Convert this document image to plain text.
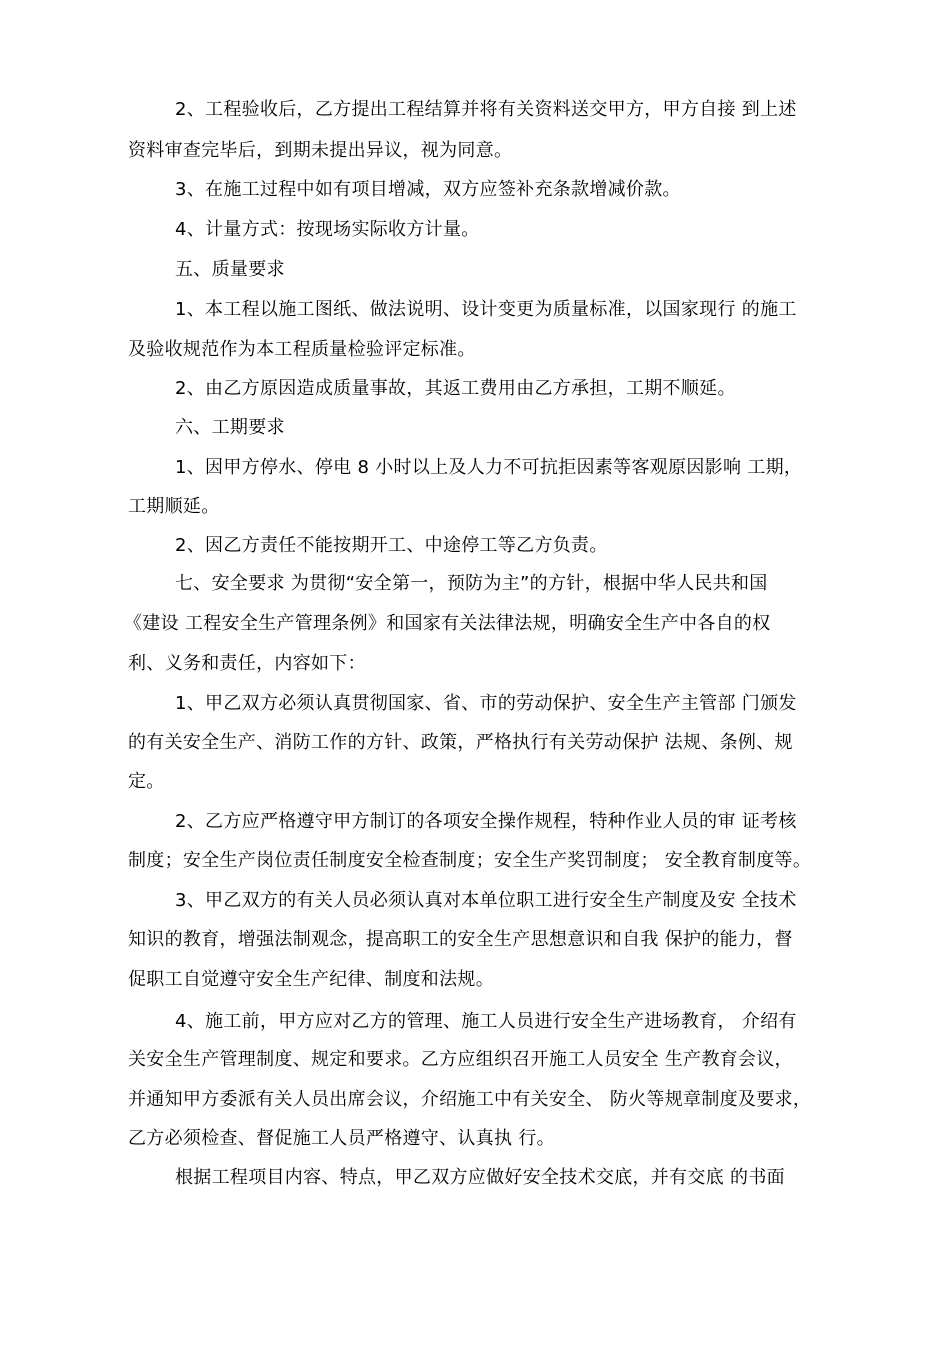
2、工程验收后，乙方提出工程结算并将有关资料送交甲方，甲方自接 到上述
资料审查完毕后，到期未提出异议，视为同意。
3、在施工过程中如有项目增减，双方应签补充条款增减价款。
4、计量方式：按现场实际收方计量。
五、质量要求
1、本工程以施工图纸、做法说明、设计变更为质量标准，以国家现行 的施工
及验收规范作为本工程质量检验评定标准。
2、由乙方原因造成质量事故，其返工费用由乙方承担，工期不顺延。
六、工期要求
1、因甲方停水、停电 8 小时以上及人力不可抗拒因素等客观原因影响 工期，
工期顺延。
2、因乙方责任不能按期开工、中途停工等乙方负责。
七、安全要求 为贯彻“安全第一，预防为主”的方针，根据中华人民共和国
《建设 工程安全生产管理条例》和国家有关法律法规，明确安全生产中各自的权
利、义务和责任，内容如下：
1、甲乙双方必须认真贯彻国家、省、市的劳动保护、安全生产主管部 门颁发
的有关安全生产、消防工作的方针、政策，严格执行有关劳动保护 法规、条例、规
定。
2、乙方应严格遵守甲方制订的各项安全操作规程，特种作业人员的审 证考核
制度；安全生产岗位责任制度安全检查制度；安全生产奖罚制度； 安全教育制度等。
3、甲乙双方的有关人员必须认真对本单位职工进行安全生产制度及安 全技术
知识的教育，增强法制观念，提高职工的安全生产思想意识和自我 保护的能力，督
促职工自觉遵守安全生产纪律、制度和法规。
4、施工前，甲方应对乙方的管理、施工人员进行安全生产进场教育， 介绍有
关安全生产管理制度、规定和要求。乙方应组织召开施工人员安全 生产教育会议，
并通知甲方委派有关人员出席会议，介绍施工中有关安全、 防火等规章制度及要求，
乙方必须检查、督促施工人员严格遵守、认真执 行。
根据工程项目内容、特点，甲乙双方应做好安全技术交底，并有交底 的书面
